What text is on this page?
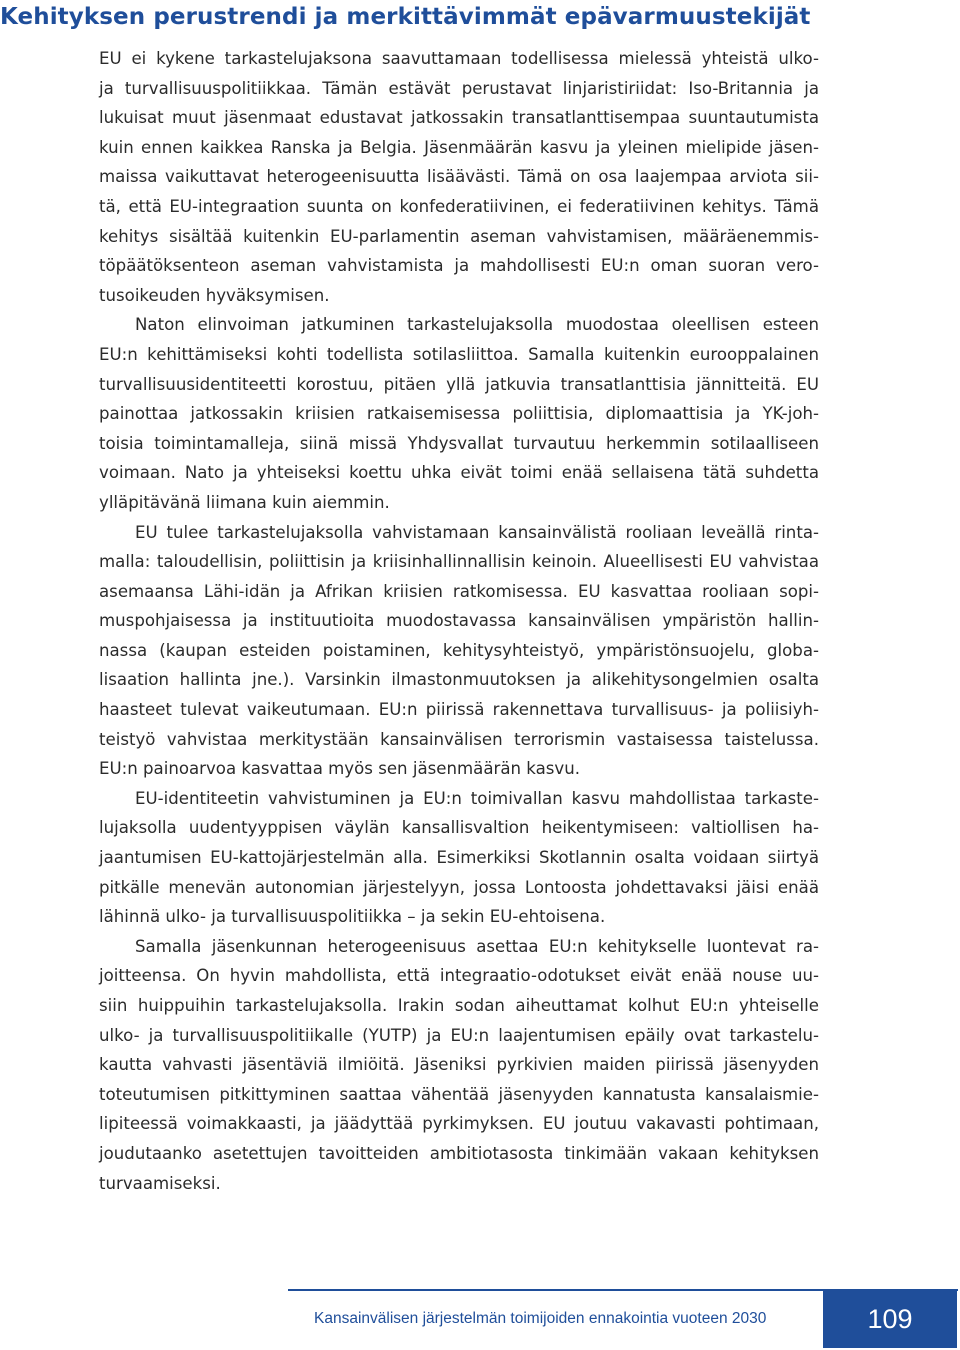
Kehityksen perustrendi ja merkittävimmät epävarmuustekijät

EU ei kykene tarkastelujaksona saavuttamaan todellisessa mielessä yhteistä ulko-
ja turvallisuuspolitiikkaa. Tämän estävät perustavat linjaristiriidat: Iso-Britannia ja
lukuisat muut jäsenmaat edustavat jatkossakin transatlanttisempaa suuntautumista
kuin ennen kaikkea Ranska ja Belgia. Jäsenmäärän kasvu ja yleinen mielipide jäsen-
maissa vaikuttavat heterogeenisuutta lisäävästi. Tämä on osa laajempaa arviota sii-
tä, että EU-integraation suunta on konfederatiivinen, ei federatiivinen kehitys. Tämä
kehitys sisältää kuitenkin EU-parlamentin aseman vahvistamisen, määräenemmis-
töpäätöksenteon aseman vahvistamista ja mahdollisesti EU:n oman suoran vero-
tusoikeuden hyväksymisen.

Naton elinvoiman jatkuminen tarkastelujaksolla muodostaa oleellisen esteen
EU:n kehittämiseksi kohti todellista sotilasliittoa. Samalla kuitenkin eurooppalainen
turvallisuusidentiteetti korostuu, pitäen yllä jatkuvia transatlanttisia jännitteitä. EU
painottaa jatkossakin kriisien ratkaisemisessa poliittisia, diplomaattisia ja YK-joh-
toisia toimintamalleja, siinä missä Yhdysvallat turvautuu herkemmin sotilaalliseen
voimaan. Nato ja yhteiseksi koettu uhka eivät toimi enää sellaisena tätä suhdetta
ylläpitävänä liimana kuin aiemmin.

EU tulee tarkastelujaksolla vahvistamaan kansainvälistä rooliaan leveällä rinta-
malla: taloudellisin, poliittisin ja kriisinhallinnallisin keinoin. Alueellisesti EU vahvistaa
asemaansa Lähi-idän ja Afrikan kriisien ratkomisessa. EU kasvattaa rooliaan sopi-
muspohjaisessa ja instituutioita muodostavassa kansainvälisen ympäristön hallin-
nassa (kaupan esteiden poistaminen, kehitysyhteistyö, ympäristönsuojelu, globa-
lisaation hallinta jne.). Varsinkin ilmastonmuutoksen ja alikehitysongelmien osalta
haasteet tulevat vaikeutumaan. EU:n piirissä rakennettava turvallisuus- ja poliisiyh-
teistyö vahvistaa merkitystään kansainvälisen terrorismin vastaisessa taistelussa.
EU:n painoarvoa kasvattaa myös sen jäsenmäärän kasvu.

EU-identiteetin vahvistuminen ja EU:n toimivallan kasvu mahdollistaa tarkaste-
lujaksolla uudentyyppisen väylän kansallisvaltion heikentymiseen: valtiollisen ha-
jaantumisen EU-kattojärjestelmän alla. Esimerkiksi Skotlannin osalta voidaan siirtyä
pitkälle menevän autonomian järjestelyyn, jossa Lontoosta johdettavaksi jäisi enää
lähinnä ulko- ja turvallisuuspolitiikka – ja sekin EU-ehtoisena.

Samalla jäsenkunnan heterogeenisuus asettaa EU:n kehitykselle luontevat ra-
joitteensa. On hyvin mahdollista, että integraatio-odotukset eivät enää nouse uu-
siin huippuihin tarkastelujaksolla. Irakin sodan aiheuttamat kolhut EU:n yhteiselle
ulko- ja turvallisuuspolitiikalle (YUTP) ja EU:n laajentumisen epäily ovat tarkastelu-
kautta vahvasti jäsentäviä ilmiöitä. Jäseniksi pyrkivien maiden piirissä jäsenyyden
toteutumisen pitkittyminen saattaa vähentää jäsenyyden kannatusta kansalaismie-
lipiteessä voimakkaasti, ja jäädyttää pyrkimyksen. EU joutuu vakavasti pohtimaan,
joudutaanko asetettujen tavoitteiden ambitiotasosta tinkimään vakaan kehityksen
turvaamiseksi.

Kansainvälisen järjestelmän toimijoiden ennakointia vuoteen 2030	109
